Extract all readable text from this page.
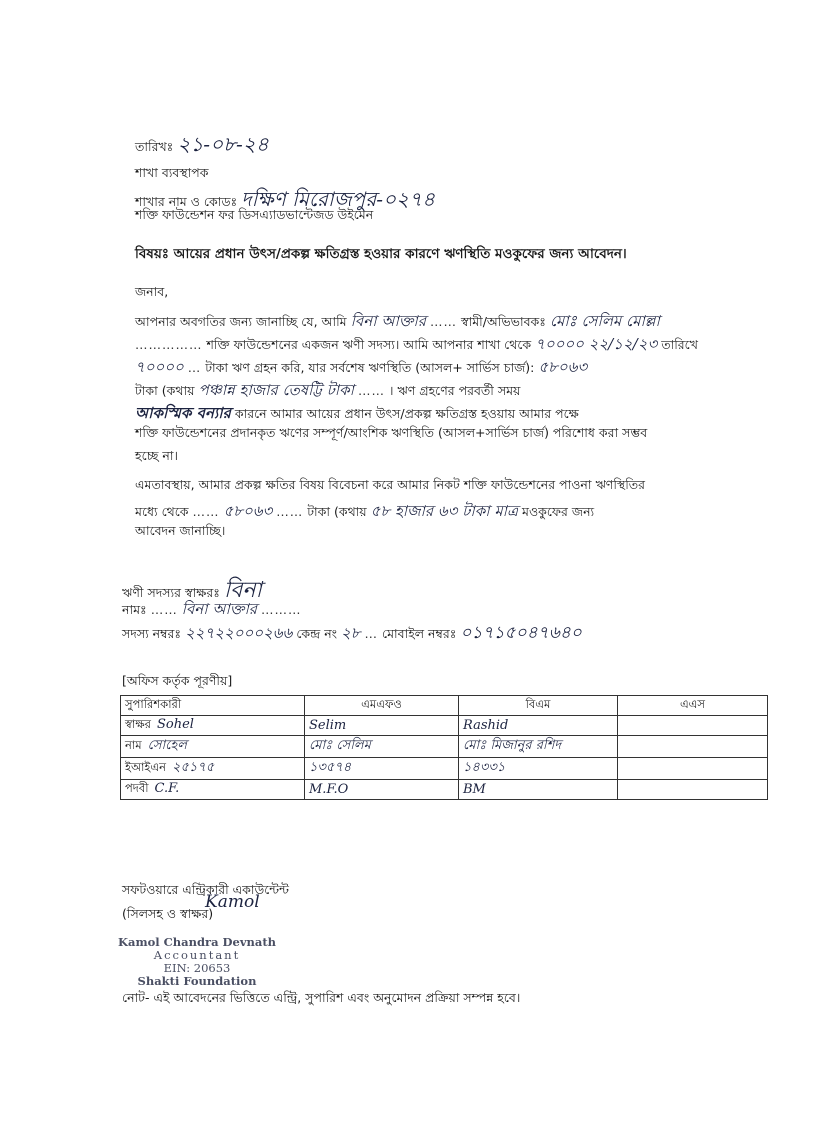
তারিখঃ ২১-০৮-২৪
শাখা ব্যবস্থাপক
শাখার নাম ও কোডঃ দক্ষিণ মিরোজপুর-০২৭৪
শক্তি ফাউন্ডেশন ফর ডিসএ্যাডভান্টেজড উইমেন
বিষয়ঃ আয়ের প্রধান উৎস/প্রকল্প ক্ষতিগ্রস্ত হওয়ার কারণে ঋণস্থিতি মওকুফের জন্য আবেদন।
জনাব,
আপনার অবগতির জন্য জানাচ্ছি যে, আমি বিনা আক্তার …… স্বামী/অভিভাবকঃ মোঃ সেলিম মোল্লা
…………… শক্তি ফাউন্ডেশনের একজন ঋণী সদস্য। আমি আপনার শাখা থেকে ৭০০০০ ২২/১২/২৩ তারিখে
৭০০০০ … টাকা ঋণ গ্রহন করি, যার সর্বশেষ ঋণস্থিতি (আসল+ সার্ভিস চার্জ): ৫৮০৬৩
টাকা (কথায় পঞ্চান্ন হাজার তেষট্টি টাকা …… । ঋণ গ্রহণের পরবর্তী সময়
আকস্মিক বন্যার কারনে আমার আয়ের প্রধান উৎস/প্রকল্প ক্ষতিগ্রস্ত হওয়ায় আমার পক্ষে
শক্তি ফাউন্ডেশনের প্রদানকৃত ঋণের সম্পূর্ণ/আংশিক ঋণস্থিতি (আসল+সার্ভিস চার্জ) পরিশোধ করা সম্ভব
হচ্ছে না।
এমতাবস্থায়, আমার প্রকল্প ক্ষতির বিষয় বিবেচনা করে আমার নিকট শক্তি ফাউন্ডেশনের পাওনা ঋণস্থিতির
মধ্যে থেকে …… ৫৮০৬৩ …… টাকা (কথায় ৫৮ হাজার ৬৩ টাকা মাত্র মওকুফের জন্য
আবেদন জানাচ্ছি।
ঋণী সদস্যর স্বাক্ষরঃ বিনা
নামঃ …… বিনা আক্তার ………
সদস্য নম্বরঃ ২২৭২২০০০২৬৬ কেন্দ্র নং ২৮ … মোবাইল নম্বরঃ ০১৭১৫০৪৭৬৪০
[অফিস কর্তৃক পূরণীয়]
সুপারিশকারী	এমএফও	বিএম	এএস
স্বাক্ষর Sohel	Selim	Rashid	
নাম সোহেল	মোঃ সেলিম	মোঃ মিজানুর রশিদ	
ইআইএন ২৫১৭৫	১৩৫৭৪	১৪৩৩১	
পদবী C.F.	M.F.O	BM	
সফটওয়ারে এন্ট্রিকারী একাউন্টেন্ট
(সিলসহ ও স্বাক্ষর)
Kamol
Kamol Chandra Devnath
Accountant
EIN: 20653
Shakti Foundation
নোট- এই আবেদনের ভিত্তিতে এন্ট্রি, সুপারিশ এবং অনুমোদন প্রক্রিয়া সম্পন্ন হবে।
